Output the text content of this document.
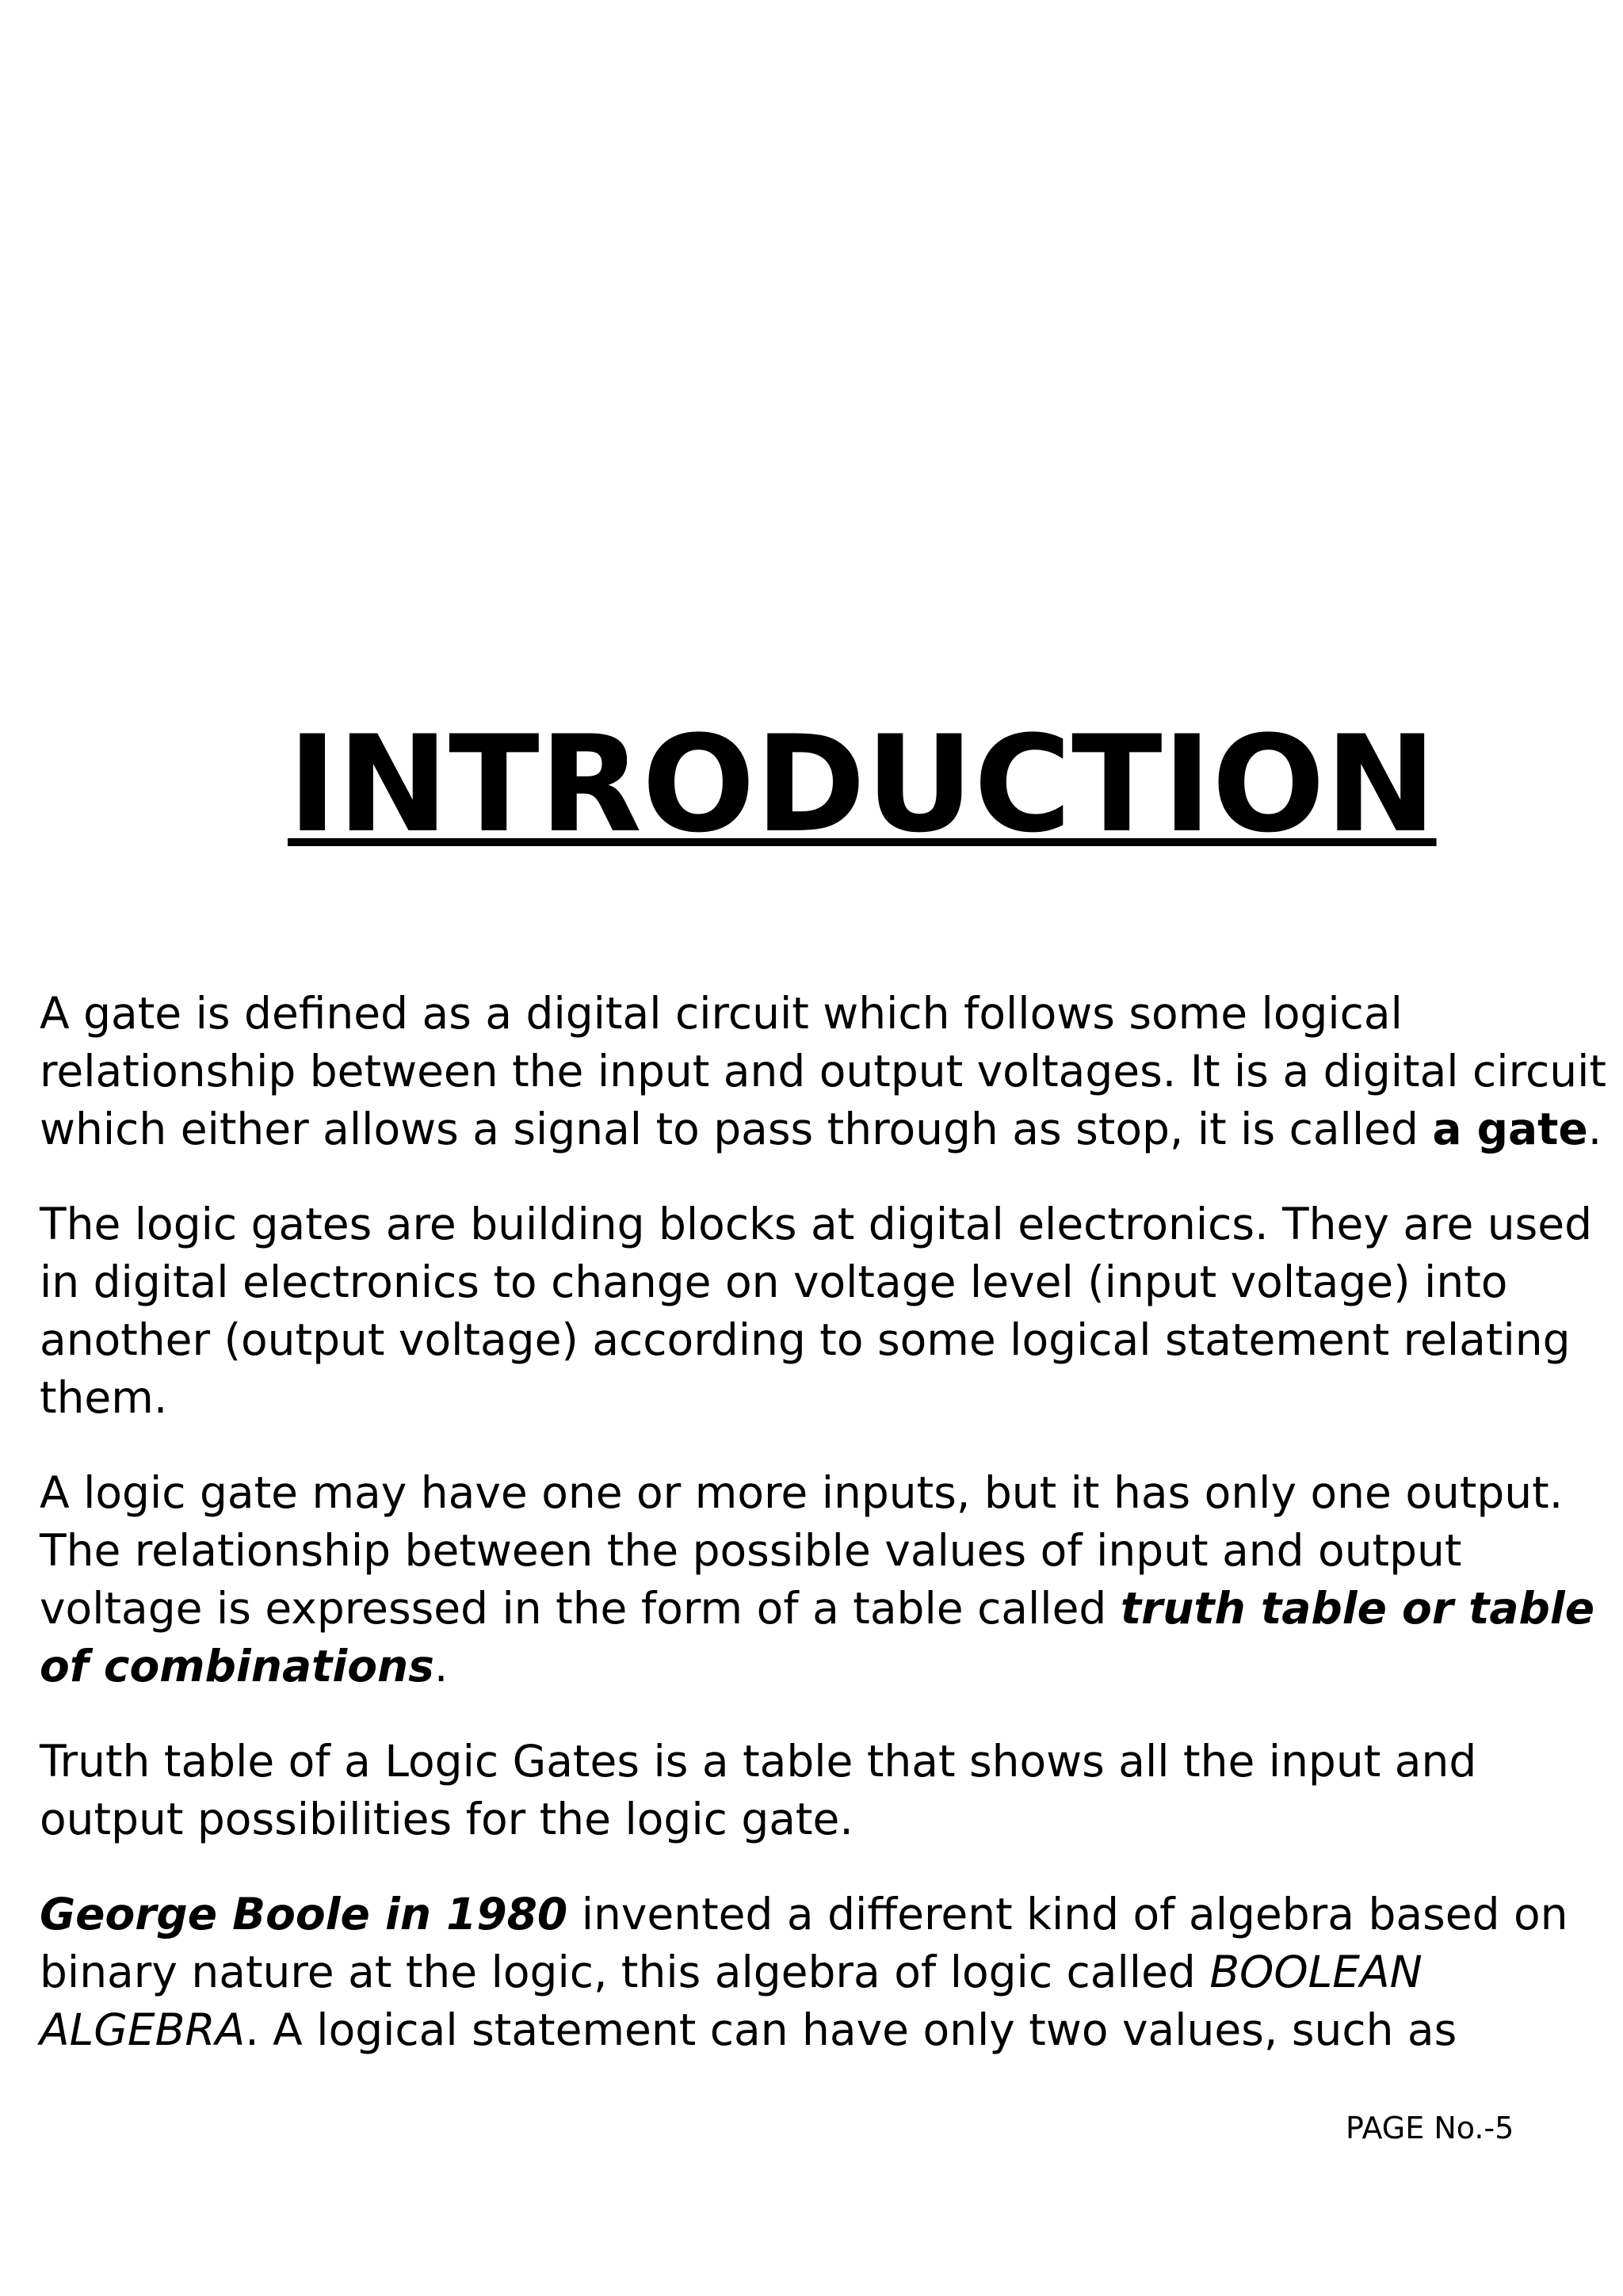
INTRODUCTION

A gate is defined as a digital circuit which follows some logical
relationship between the input and output voltages. It is a digital circuit
which either allows a signal to pass through as stop, it is called a gate.

The logic gates are building blocks at digital electronics. They are used
in digital electronics to change on voltage level (input voltage) into
another (output voltage) according to some logical statement relating
them.

A logic gate may have one or more inputs, but it has only one output.
The relationship between the possible values of input and output
voltage is expressed in the form of a table called truth table or table
of combinations.

Truth table of a Logic Gates is a table that shows all the input and
output possibilities for the logic gate.

George Boole in 1980 invented a different kind of algebra based on
binary nature at the logic, this algebra of logic called BOOLEAN
ALGEBRA. A logical statement can have only two values, such as

PAGE No.-5
